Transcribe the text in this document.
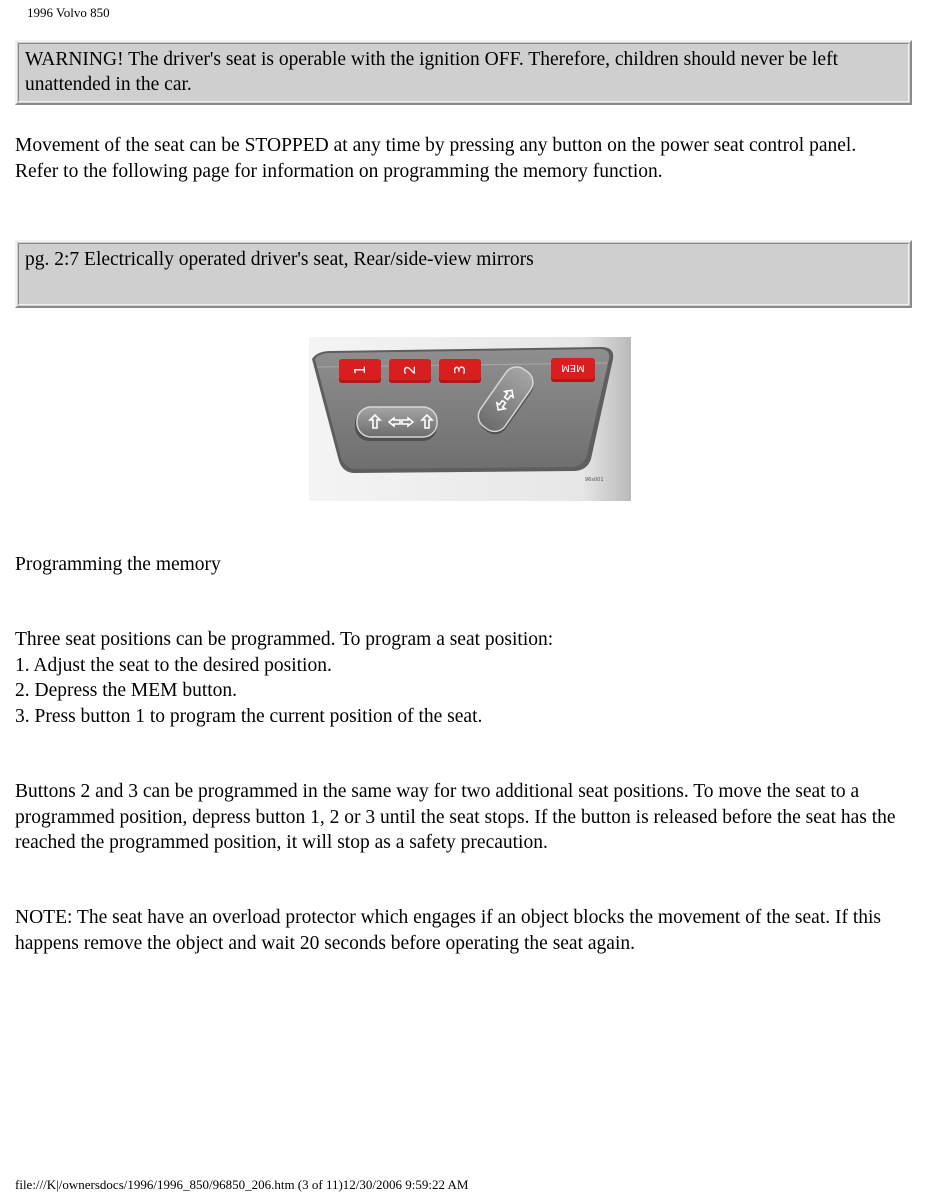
1996 Volvo 850
WARNING! The driver's seat is operable with the ignition OFF. Therefore, children should never be left unattended in the car.

Movement of the seat can be STOPPED at any time by pressing any button on the power seat control panel.

Refer to the following page for information on programming the memory function.

pg. 2:7 Electrically operated driver's seat, Rear/side-view mirrors
1 2 3	MEM
96s001
Programming the memory

Three seat positions can be programmed. To program a seat position:

1. Adjust the seat to the desired position.

2. Depress the MEM button.

3. Press button 1 to program the current position of the seat.

Buttons 2 and 3 can be programmed in the same way for two additional seat positions. To move the seat to a programmed position, depress button 1, 2 or 3 until the seat stops. If the button is released before the seat has the reached the programmed position, it will stop as a safety precaution.
NOTE: The seat have an overload protector which engages if an object blocks the movement of the seat. If this happens remove the object and wait 20 seconds before operating the seat again.
file:///K|/ownersdocs/1996/1996_850/96850_206.htm (3 of 11)12/30/2006 9:59:22 AM
